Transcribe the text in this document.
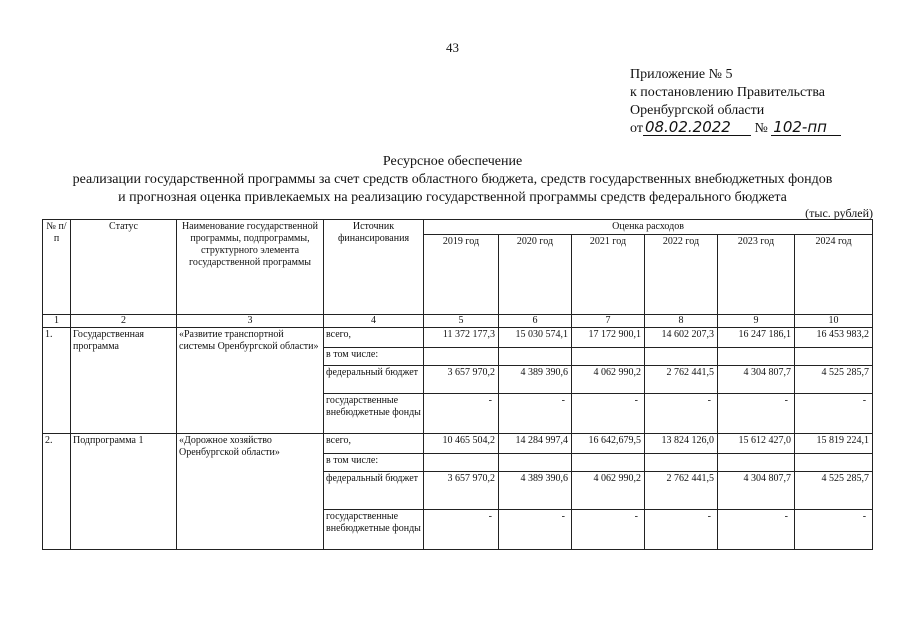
43
Приложение № 5
к постановлению Правительства
Оренбургской области
от 08.02.2022 № 102-пп
Ресурсное обеспечение
реализации государственной программы за счет средств областного бюджета, средств государственных внебюджетных фондов
и прогнозная оценка привлекаемых на реализацию государственной программы средств федерального бюджета
(тыс. рублей)
№ п/п	Статус	Наименование государственной программы, подпрограммы, структурного элемента государственной программы	Источник финансирования	Оценка расходов					
				2019 год	2020 год	2021 год	2022 год	2023 год	2024 год
1	2	3	4	5	6	7	8	9	10
1.	Государственная программа	«Развитие транспортной системы Оренбургской области»	всего,	11 372 177,3	15 030 574,1	17 172 900,1	14 602 207,3	16 247 186,1	16 453 983,2
			в том числе:						
			федеральный бюджет	3 657 970,2	4 389 390,6	4 062 990,2	2 762 441,5	4 304 807,7	4 525 285,7
			государственные внебюджетные фонды	-	-	-	-	-	-
2.	Подпрограмма 1	«Дорожное хозяйство Оренбургской области»	всего,	10 465 504,2	14 284 997,4	16 642,679,5	13 824 126,0	15 612 427,0	15 819 224,1
			в том числе:						
			федеральный бюджет	3 657 970,2	4 389 390,6	4 062 990,2	2 762 441,5	4 304 807,7	4 525 285,7
			государственные внебюджетные фонды	-	-	-	-	-	-
